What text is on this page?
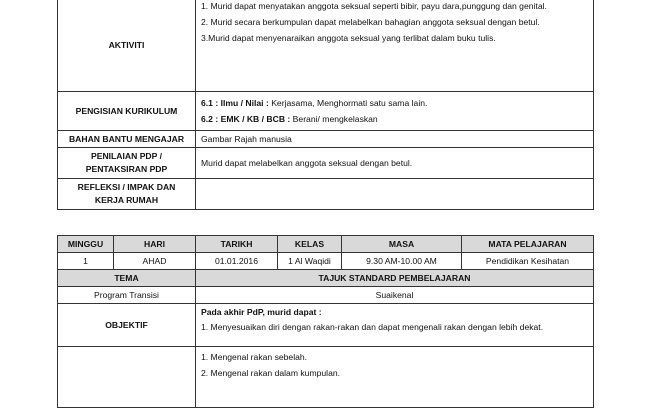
AKTIVITI	1. Murid dapat menyatakan anggota seksual seperti bibir, payu dara,punggung dan genital.
2. Murid secara berkumpulan dapat melabelkan bahagian anggota seksual dengan betul.
3.Murid dapat menyenaraikan anggota seksual yang terlibat dalam buku tulis.

PENGISIAN KURIKULUM	6.1 : Ilmu / Nilai : Kerjasama, Menghormati satu sama lain.
6.2 : EMK / KB / BCB : Berani/ mengkelaskan

BAHAN BANTU MENGAJAR	Gambar Rajah manusia

PENILAIAN PDP /
PENTAKSIRAN PDP	Murid dapat melabelkan anggota seksual dengan betul.

REFLEKSI / IMPAK DAN
KERJA RUMAH	

MINGGU	HARI	TARIKH	KELAS	MASA	MATA PELAJARAN
1	AHAD	01.01.2016	1 Al Waqidi	9.30 AM-10.00 AM	Pendidikan Kesihatan
TEMA		TAJUK STANDARD PEMBELAJARAN			
Program Transisi		Suaikenal			
OBJEKTIF		Pada akhir PdP, murid dapat :
1. Menyesuaikan diri dengan rakan-rakan dan dapat mengenali rakan dengan lebih dekat.			

		1. Mengenal rakan sebelah.
2. Mengenal rakan dalam kumpulan.			
